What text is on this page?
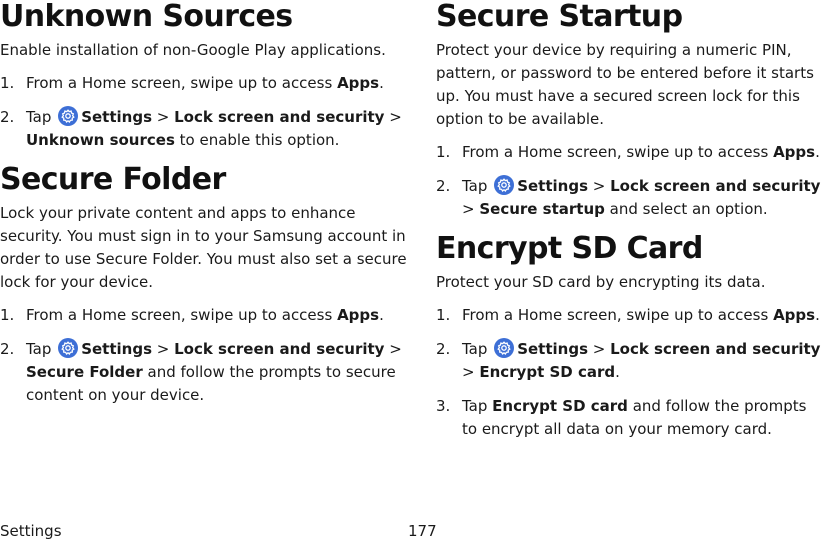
Unknown Sources

Enable installation of non-Google Play applications.

1. From a Home screen, swipe up to access Apps.
2. Tap Settings > Lock screen and security > Unknown sources to enable this option.
Secure Folder

Lock your private content and apps to enhance security. You must sign in to your Samsung account in order to use Secure Folder. You must also set a secure lock for your device.

1. From a Home screen, swipe up to access Apps.
2. Tap Settings > Lock screen and security > Secure Folder and follow the prompts to secure content on your device.
Secure Startup

Protect your device by requiring a numeric PIN, pattern, or password to be entered before it starts up. You must have a secured screen lock for this option to be available.

1. From a Home screen, swipe up to access Apps.
2. Tap Settings > Lock screen and security > Secure startup and select an option.
Encrypt SD Card

Protect your SD card by encrypting its data.

1. From a Home screen, swipe up to access Apps.
2. Tap Settings > Lock screen and security > Encrypt SD card.
3. Tap Encrypt SD card and follow the prompts to encrypt all data on your memory card.
Settings	177
